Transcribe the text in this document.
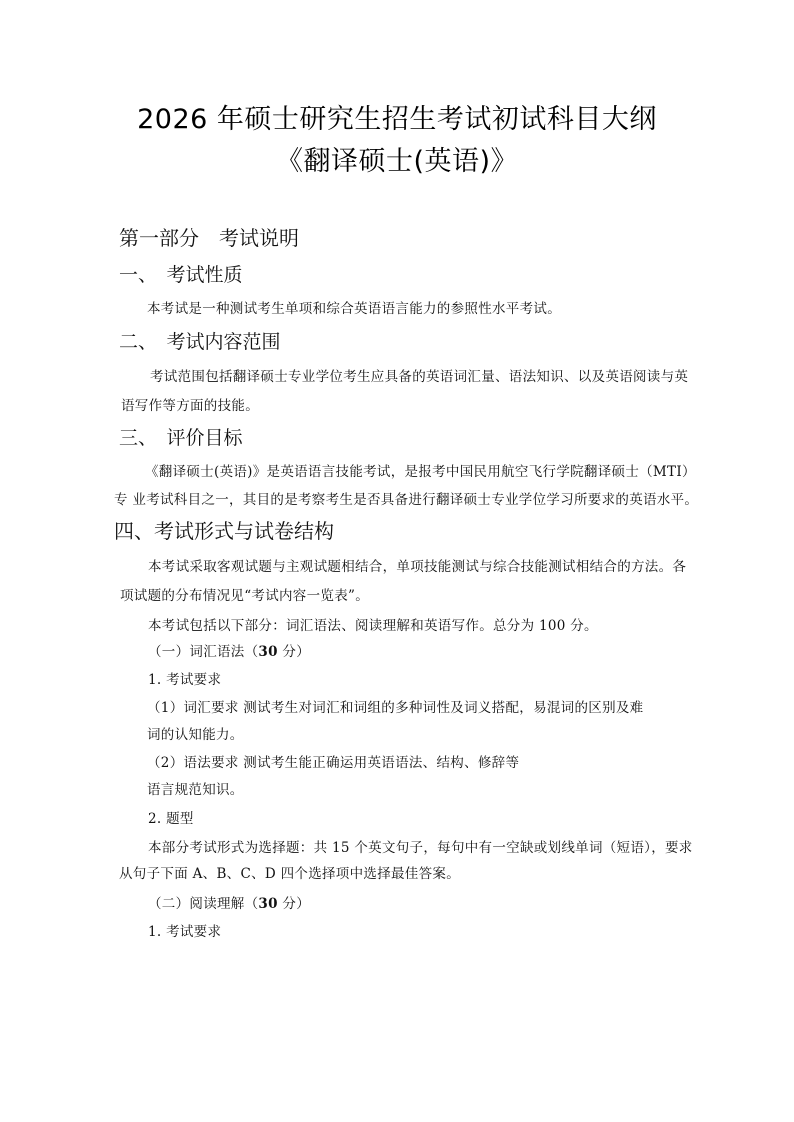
2026 年硕士研究生招生考试初试科目大纲
《翻译硕士(英语)》
第一部分　考试说明
一、　考试性质
本考试是一种测试考生单项和综合英语语言能力的参照性水平考试。
二、　考试内容范围
考试范围包括翻译硕士专业学位考生应具备的英语词汇量、语法知识、以及英语阅读与英
语写作等方面的技能。
三、　评价目标
《翻译硕士(英语)》是英语语言技能考试，是报考中国民用航空飞行学院翻译硕士（MTI）
专 业考试科目之一，其目的是考察考生是否具备进行翻译硕士专业学位学习所要求的英语水平。
四、考试形式与试卷结构
本考试采取客观试题与主观试题相结合，单项技能测试与综合技能测试相结合的方法。各
项试题的分布情况见“考试内容一览表”。
本考试包括以下部分：词汇语法、阅读理解和英语写作。总分为 100 分。
（一）词汇语法（30 分）
1. 考试要求
（1）词汇要求 测试考生对词汇和词组的多种词性及词义搭配，易混词的区别及难
词的认知能力。
（2）语法要求 测试考生能正确运用英语语法、结构、修辞等
语言规范知识。
2. 题型
本部分考试形式为选择题：共 15 个英文句子，每句中有一空缺或划线单词（短语），要求
从句子下面 A、B、C、D 四个选择项中选择最佳答案。
（二）阅读理解（30 分）
1. 考试要求
